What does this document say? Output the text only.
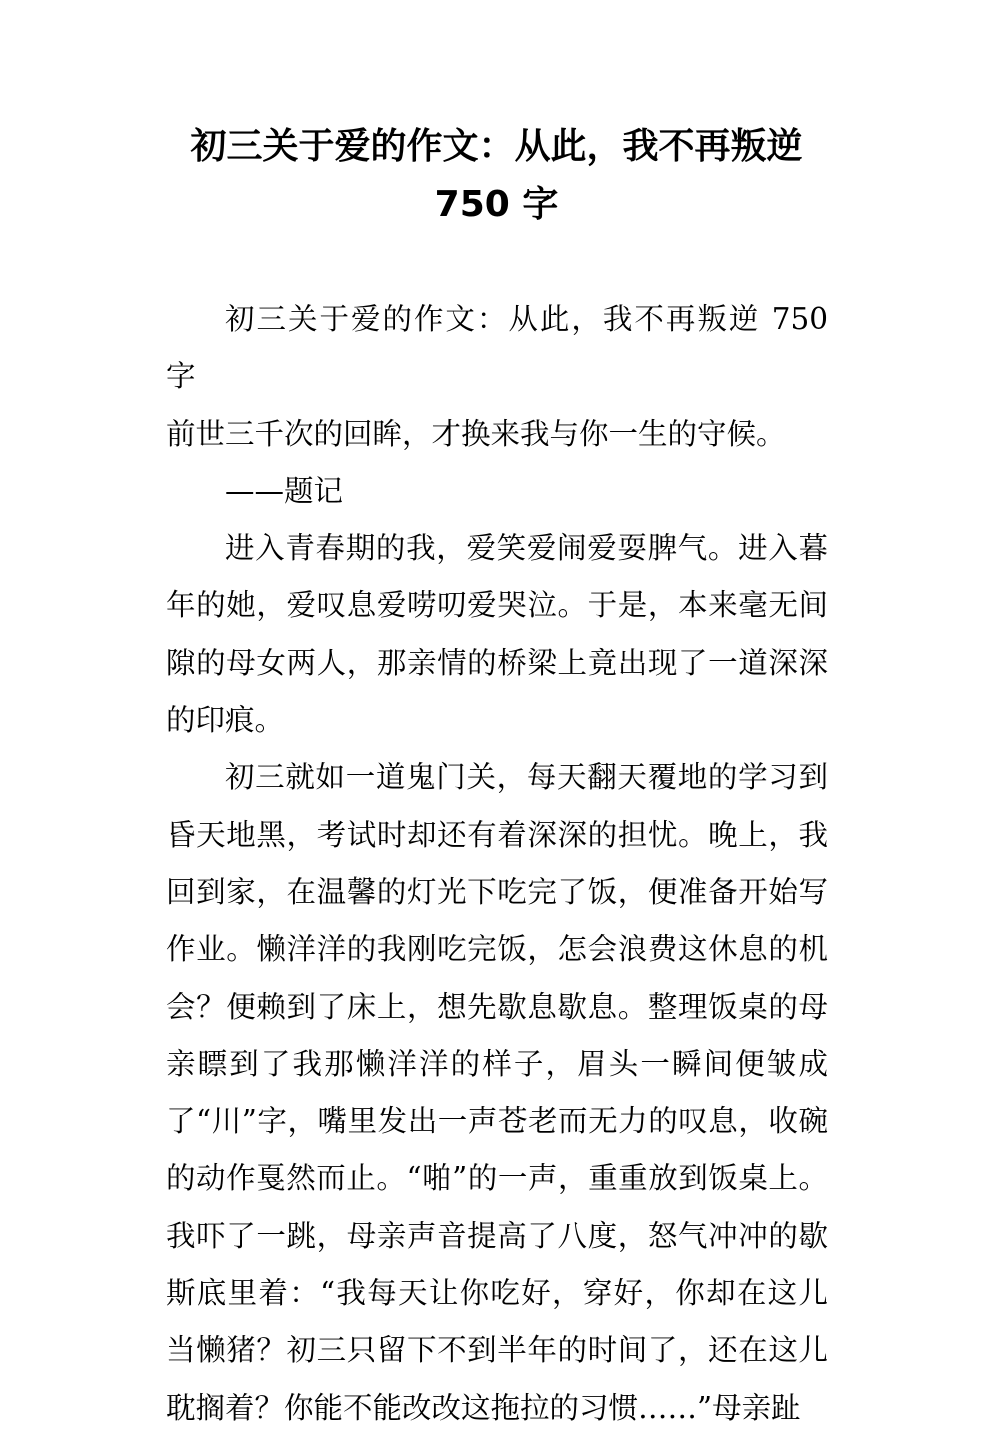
初三关于爱的作文：从此，我不再叛逆 750 字

初三关于爱的作文：从此，我不再叛逆 750 字

前世三千次的回眸，才换来我与你一生的守候。

——题记

进入青春期的我，爱笑爱闹爱耍脾气。进入暮年的她，爱叹息爱唠叨爱哭泣。于是，本来毫无间隙的母女两人，那亲情的桥梁上竟出现了一道深深的印痕。

初三就如一道鬼门关，每天翻天覆地的学习到昏天地黑，考试时却还有着深深的担忧。晚上，我回到家，在温馨的灯光下吃完了饭，便准备开始写作业。懒洋洋的我刚吃完饭，怎会浪费这休息的机会？便赖到了床上，想先歇息歇息。整理饭桌的母亲瞟到了我那懒洋洋的样子，眉头一瞬间便皱成了“川”字，嘴里发出一声苍老而无力的叹息，收碗的动作戛然而止。“啪”的一声，重重放到饭桌上。我吓了一跳，母亲声音提高了八度，怒气冲冲的歇斯底里着：“我每天让你吃好，穿好，你却在这儿当懒猪？初三只留下不到半年的时间了，还在这儿耽搁着？你能不能改改这拖拉的习惯……”母亲趾
